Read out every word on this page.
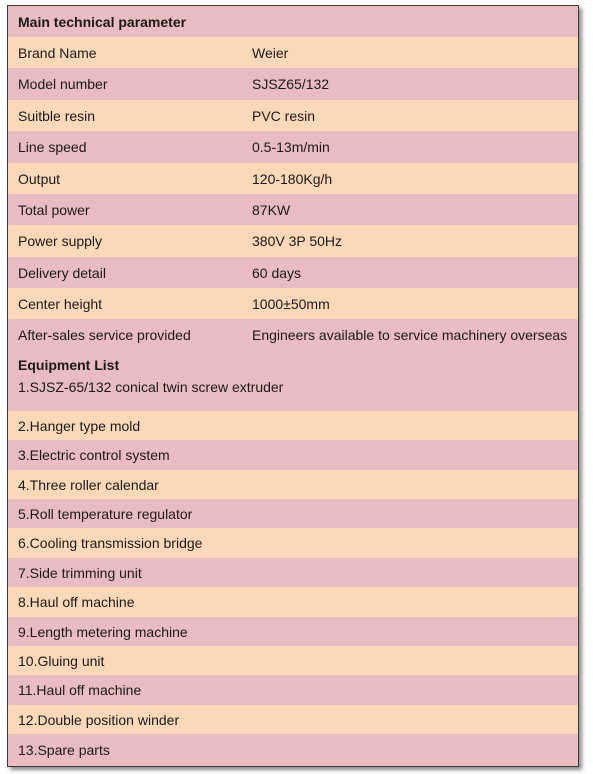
Main technical parameter
Brand Name	Weier
Model number	SJSZ65/132
Suitble resin	PVC resin
Line speed	0.5-13m/min
Output	120-180Kg/h
Total power	87KW
Power supply	380V 3P 50Hz
Delivery detail	60 days
Center height	1000±50mm
After-sales service provided	Engineers available to service machinery overseas
Equipment List
1.SJSZ-65/132 conical twin screw extruder
2.Hanger type mold
3.Electric control system
4.Three roller calendar
5.Roll temperature regulator
6.Cooling transmission bridge
7.Side trimming unit
8.Haul off machine
9.Length metering machine
10.Gluing unit
11.Haul off machine
12.Double position winder
13.Spare parts
